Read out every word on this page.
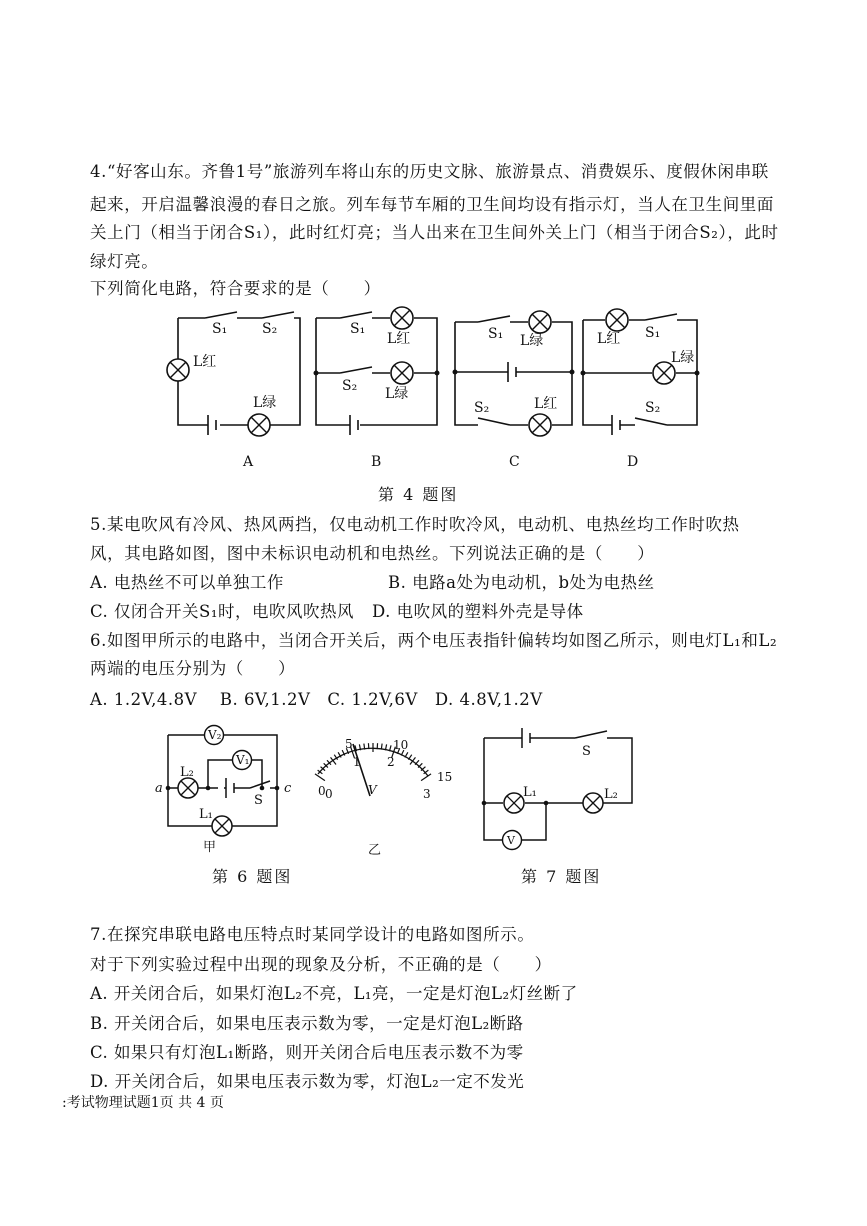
4.“好客山东。齐鲁1号”旅游列车将山东的历史文脉、旅游景点、消费娱乐、度假休闲串联
起来，开启温馨浪漫的春日之旅。列车每节车厢的卫生间均设有指示灯，当人在卫生间里面
关上门（相当于闭合S₁），此时红灯亮；当人出来在卫生间外关上门（相当于闭合S₂），此时
绿灯亮。
下列简化电路，符合要求的是（　　）
S₁ S₂
L红
L绿
S₁
L红
S₂ L绿
S₁ L绿
S₂	L红
L红 S₁
L绿
S₂
A	B	C	D
第 4 题图
5.某电吹风有冷风、热风两挡，仅电动机工作时吹冷风，电动机、电热丝均工作时吹热
风，其电路如图，图中未标识电动机和电热丝。下列说法正确的是（　　）
A. 电热丝不可以单独工作	B. 电路a处为电动机，b处为电热丝
C. 仅闭合开关S₁时，电吹风吹热风 D. 电吹风的塑料外壳是导体
6.如图甲所示的电路中，当闭合开关后，两个电压表指针偏转均如图乙所示，则电灯L₁和L₂
两端的电压分别为（　　）
A. 1.2V,4.8V　 B. 6V,1.2V　C. 1.2V,6V　D. 4.8V,1.2V
V₂
V₁
L₂
L₁
S
a	c
甲
0
5	10
15
0
1 2
3
V
乙
S
L₁	L₂
V
第 6 题图	第 7 题图
7.在探究串联电路电压特点时某同学设计的电路如图所示。
对于下列实验过程中出现的现象及分析，不正确的是（　　）
A. 开关闭合后，如果灯泡L₂不亮，L₁亮，一定是灯泡L₂灯丝断了
B. 开关闭合后，如果电压表示数为零，一定是灯泡L₂断路
C. 如果只有灯泡L₁断路，则开关闭合后电压表示数不为零
D. 开关闭合后，如果电压表示数为零，灯泡L₂一定不发光
:考试物理试题1页 共 4 页
